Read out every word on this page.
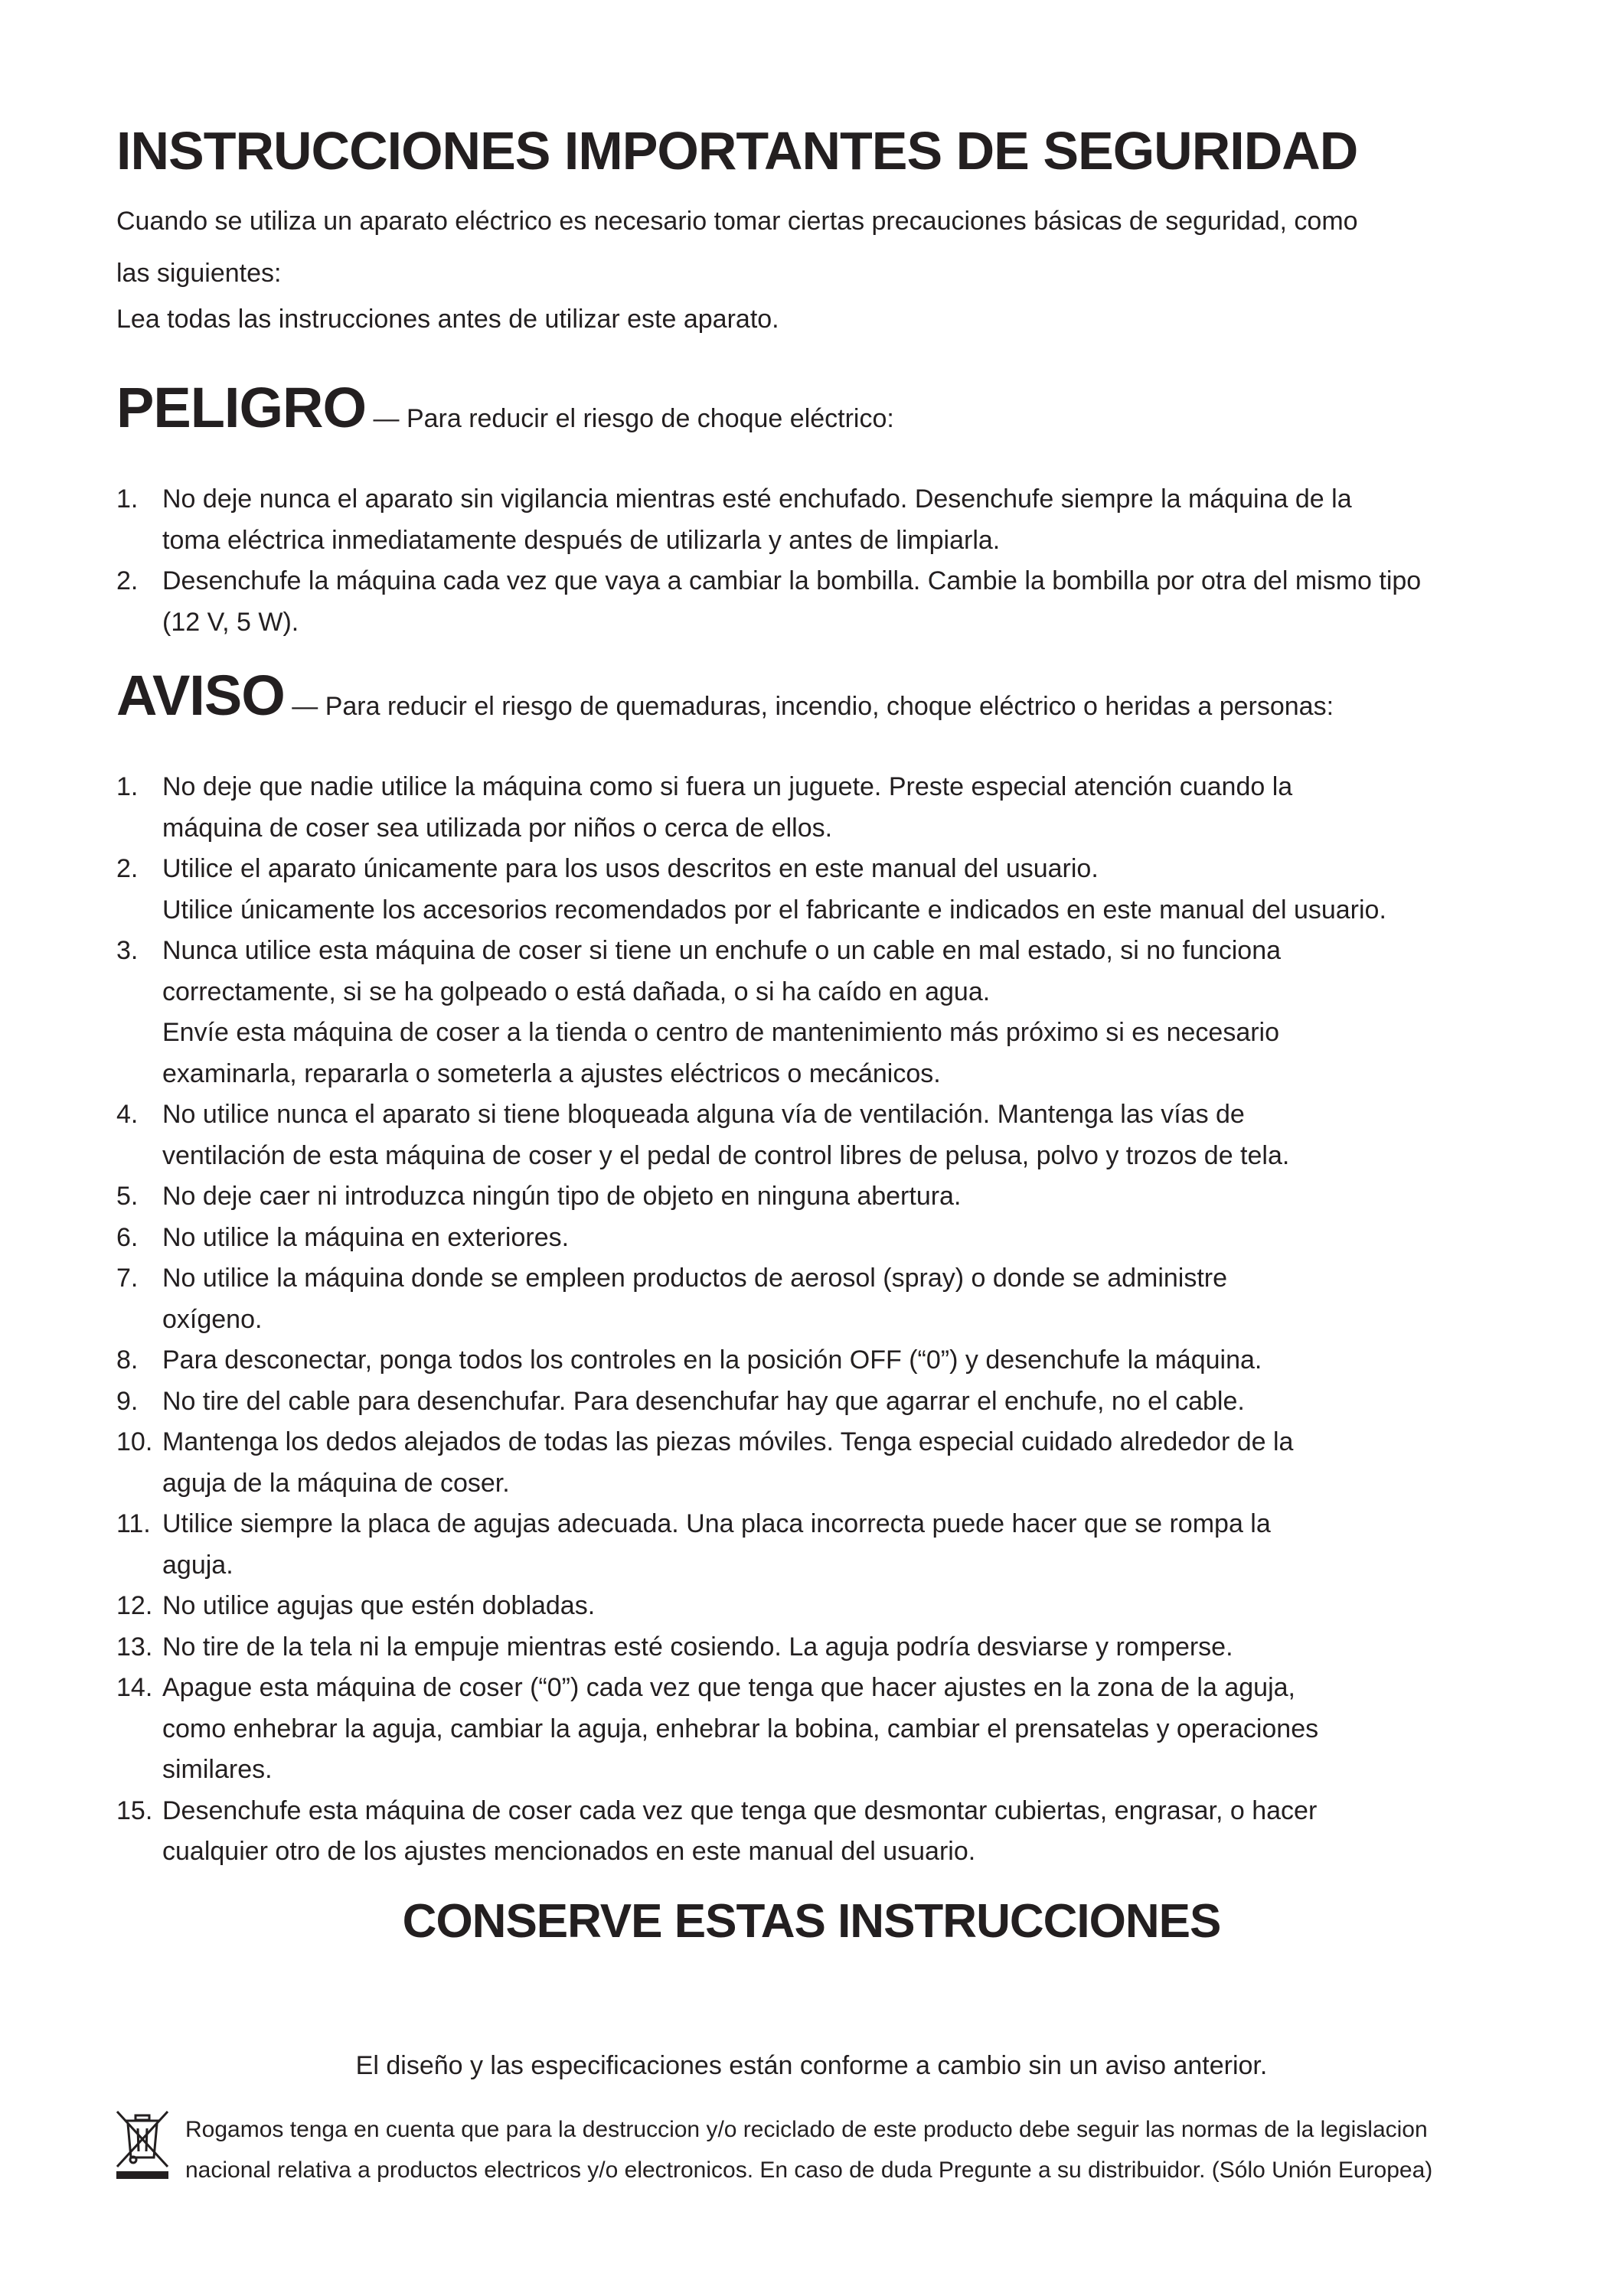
INSTRUCCIONES IMPORTANTES DE SEGURIDAD
Cuando se utiliza un aparato eléctrico es necesario tomar ciertas precauciones básicas de seguridad, como
las siguientes:
Lea todas las instrucciones antes de utilizar este aparato.
PELIGRO — Para reducir el riesgo de choque eléctrico:
1. No deje nunca el aparato sin vigilancia mientras esté enchufado. Desenchufe siempre la máquina de la
toma eléctrica inmediatamente después de utilizarla y antes de limpiarla.
2. Desenchufe la máquina cada vez que vaya a cambiar la bombilla. Cambie la bombilla por otra del mismo tipo
(12 V, 5 W).
AVISO — Para reducir el riesgo de quemaduras, incendio, choque eléctrico o heridas a personas:
1. No deje que nadie utilice la máquina como si fuera un juguete. Preste especial atención cuando la
máquina de coser sea utilizada por niños o cerca de ellos.
2. Utilice el aparato únicamente para los usos descritos en este manual del usuario.
Utilice únicamente los accesorios recomendados por el fabricante e indicados en este manual del usuario.
3. Nunca utilice esta máquina de coser si tiene un enchufe o un cable en mal estado, si no funciona
correctamente, si se ha golpeado o está dañada, o si ha caído en agua.
Envíe esta máquina de coser a la tienda o centro de mantenimiento más próximo si es necesario
examinarla, repararla o someterla a ajustes eléctricos o mecánicos.
4. No utilice nunca el aparato si tiene bloqueada alguna vía de ventilación. Mantenga las vías de
ventilación de esta máquina de coser y el pedal de control libres de pelusa, polvo y trozos de tela.
5. No deje caer ni introduzca ningún tipo de objeto en ninguna abertura.
6. No utilice la máquina en exteriores.
7. No utilice la máquina donde se empleen productos de aerosol (spray) o donde se administre
oxígeno.
8. Para desconectar, ponga todos los controles en la posición OFF (“0”) y desenchufe la máquina.
9. No tire del cable para desenchufar. Para desenchufar hay que agarrar el enchufe, no el cable.
10. Mantenga los dedos alejados de todas las piezas móviles. Tenga especial cuidado alrededor de la
aguja de la máquina de coser.
11. Utilice siempre la placa de agujas adecuada. Una placa incorrecta puede hacer que se rompa la
aguja.
12. No utilice agujas que estén dobladas.
13. No tire de la tela ni la empuje mientras esté cosiendo. La aguja podría desviarse y romperse.
14. Apague esta máquina de coser (“0”) cada vez que tenga que hacer ajustes en la zona de la aguja,
como enhebrar la aguja, cambiar la aguja, enhebrar la bobina, cambiar el prensatelas y operaciones
similares.
15. Desenchufe esta máquina de coser cada vez que tenga que desmontar cubiertas, engrasar, o hacer
cualquier otro de los ajustes mencionados en este manual del usuario.
CONSERVE ESTAS INSTRUCCIONES
El diseño y las especificaciones están conforme a cambio sin un aviso anterior.
Rogamos tenga en cuenta que para la destruccion y/o reciclado de este producto debe seguir las normas de la legislacion
nacional relativa a productos electricos y/o electronicos. En caso de duda Pregunte a su distribuidor. (Sólo Unión Europea)
